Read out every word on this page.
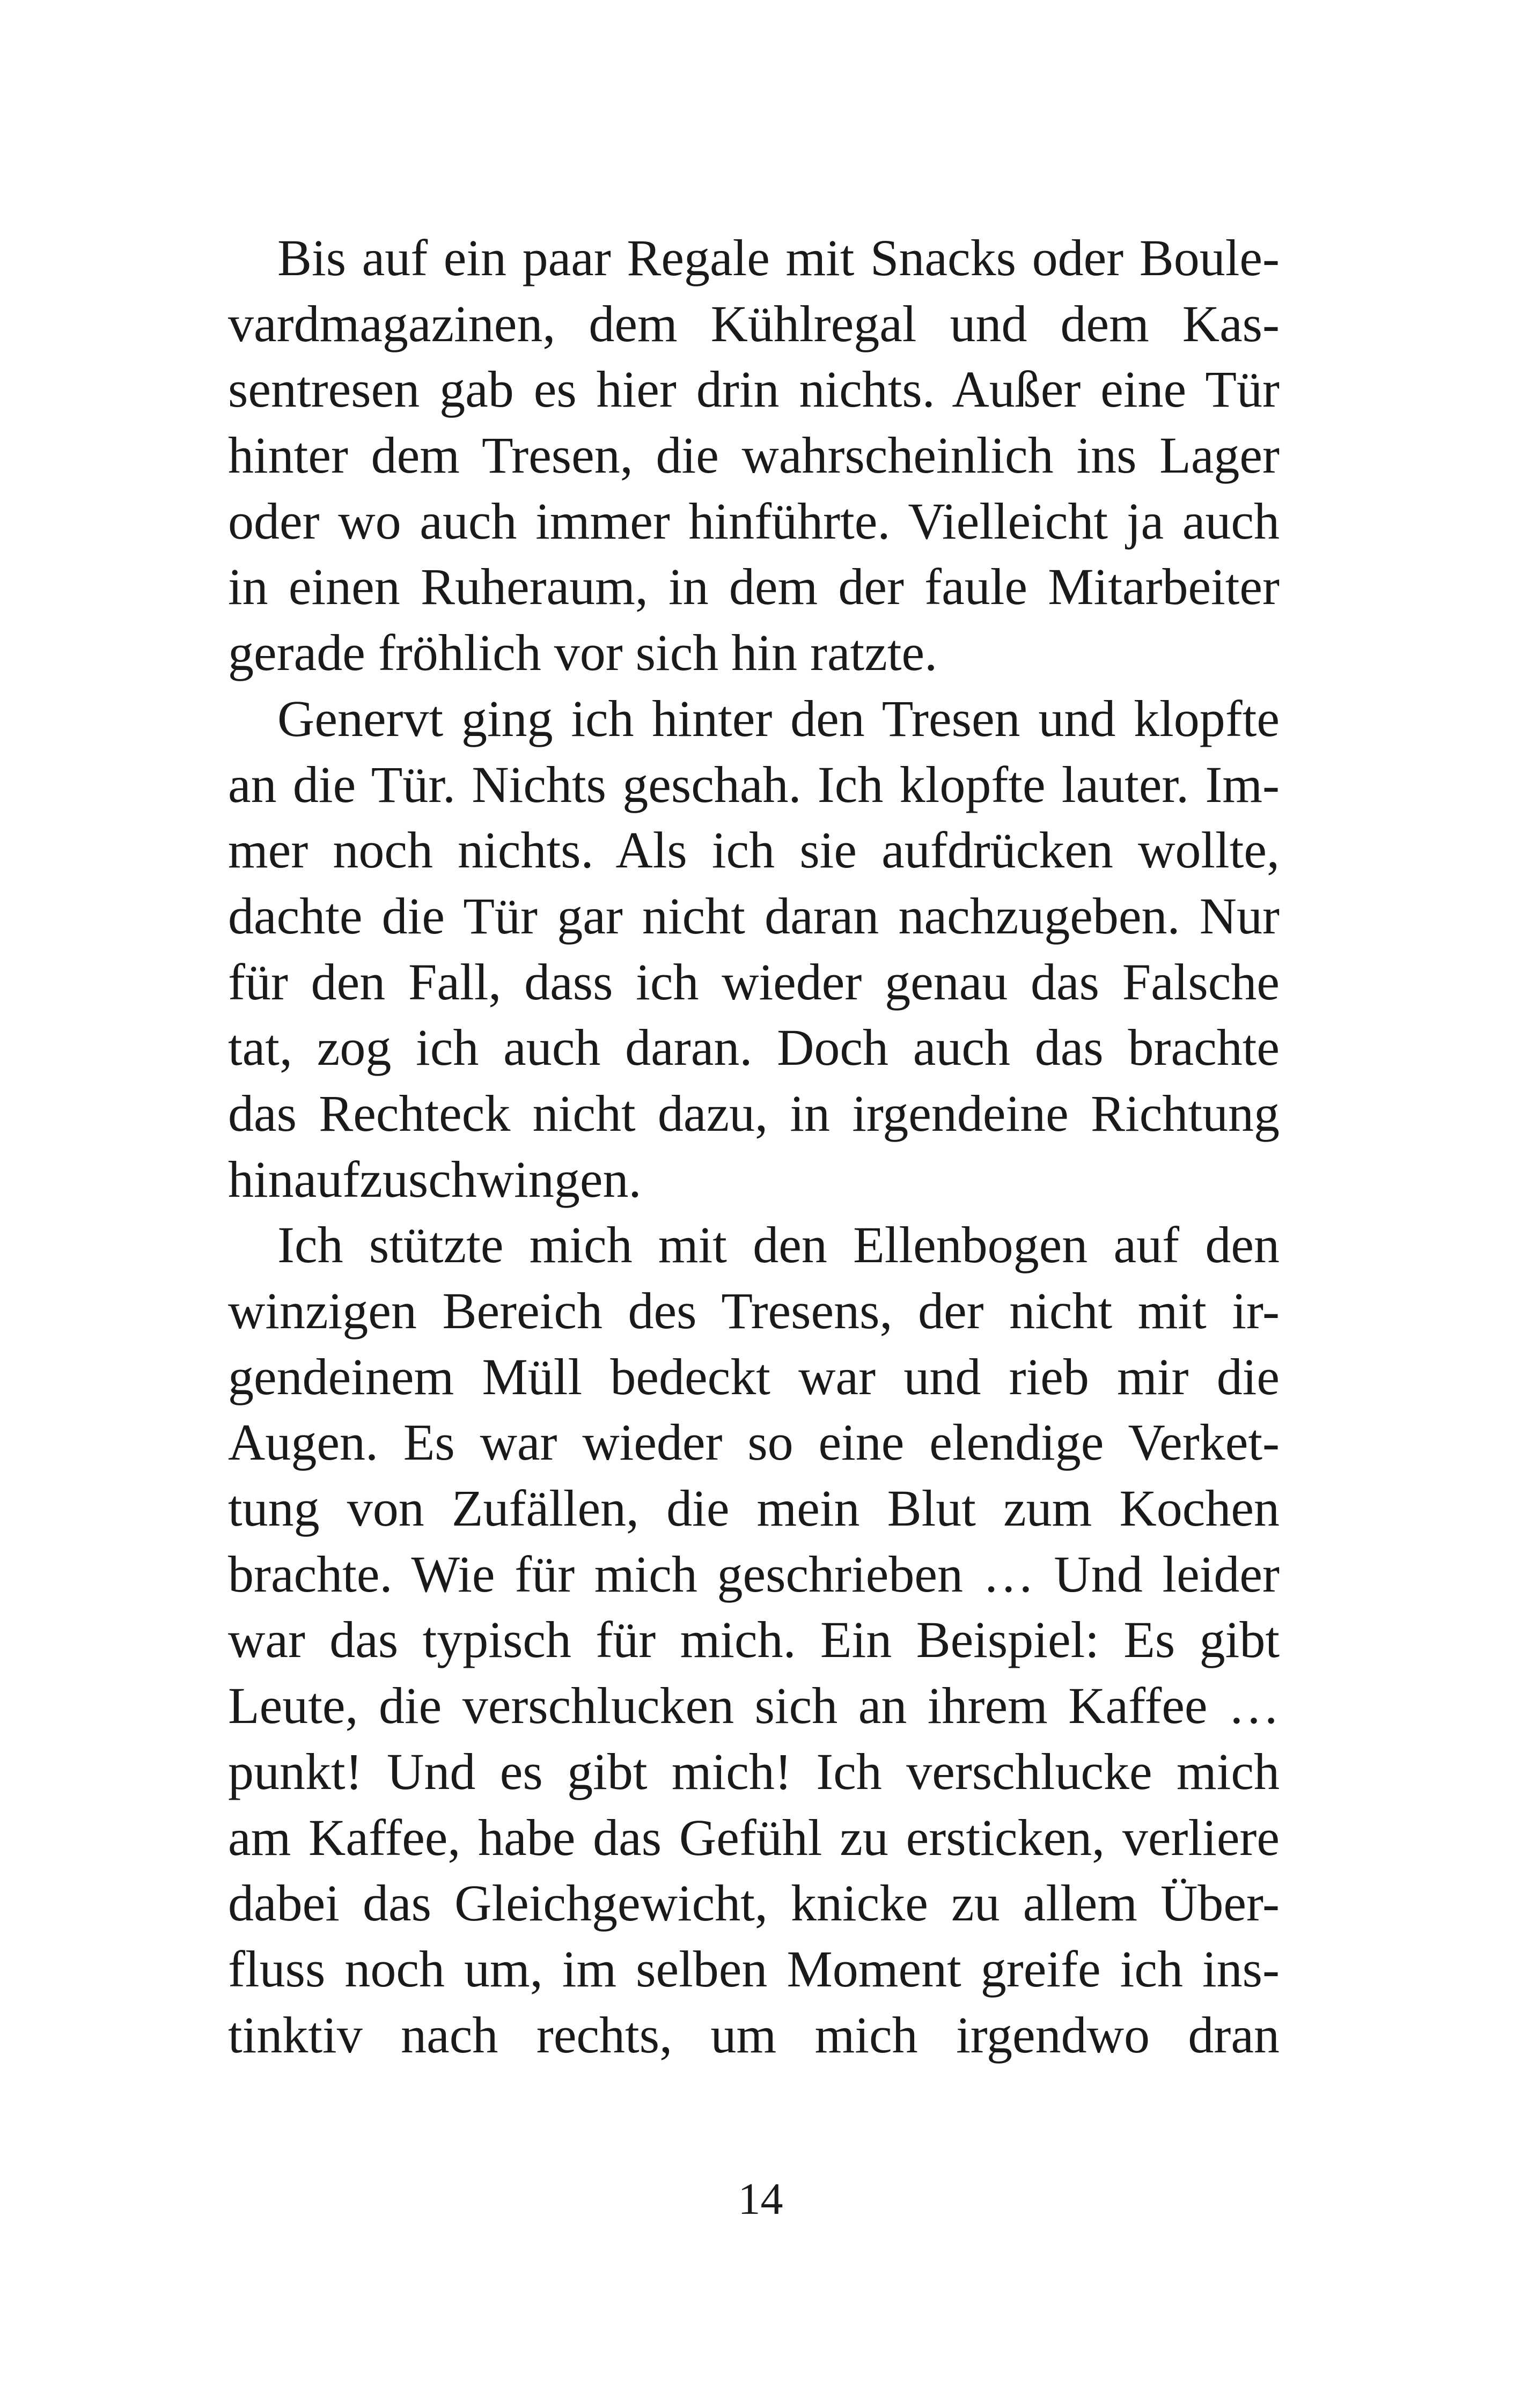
Bis auf ein paar Regale mit Snacks oder Boule-
vardmagazinen, dem Kühlregal und dem Kas-
sentresen gab es hier drin nichts. Außer eine Tür
hinter dem Tresen, die wahrscheinlich ins Lager
oder wo auch immer hinführte. Vielleicht ja auch
in einen Ruheraum, in dem der faule Mitarbeiter
gerade fröhlich vor sich hin ratzte.
Genervt ging ich hinter den Tresen und klopfte
an die Tür. Nichts geschah. Ich klopfte lauter. Im-
mer noch nichts. Als ich sie aufdrücken wollte,
dachte die Tür gar nicht daran nachzugeben. Nur
für den Fall, dass ich wieder genau das Falsche
tat, zog ich auch daran. Doch auch das brachte
das Rechteck nicht dazu, in irgendeine Richtung
hinaufzuschwingen.
Ich stützte mich mit den Ellenbogen auf den
winzigen Bereich des Tresens, der nicht mit ir-
gendeinem Müll bedeckt war und rieb mir die
Augen. Es war wieder so eine elendige Verket-
tung von Zufällen, die mein Blut zum Kochen
brachte. Wie für mich geschrieben … Und leider
war das typisch für mich. Ein Beispiel: Es gibt
Leute, die verschlucken sich an ihrem Kaffee …
punkt! Und es gibt mich! Ich verschlucke mich
am Kaffee, habe das Gefühl zu ersticken, verliere
dabei das Gleichgewicht, knicke zu allem Über-
fluss noch um, im selben Moment greife ich ins-
tinktiv nach rechts, um mich irgendwo dran
14
